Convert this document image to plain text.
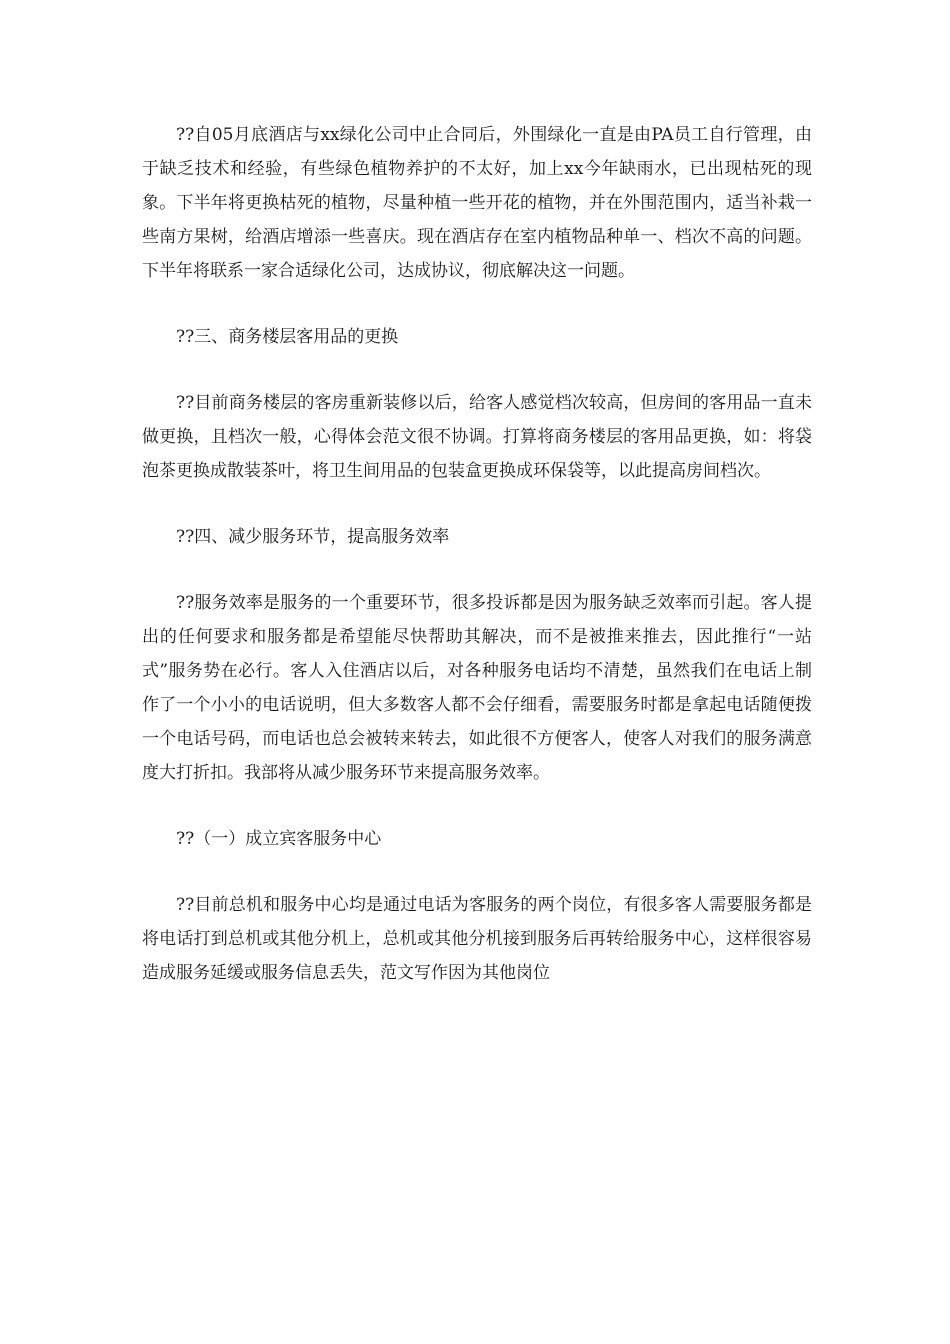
??自05月底酒店与xx绿化公司中止合同后，外围绿化一直是由PA员工自行管理，由于缺乏技术和经验，有些绿色植物养护的不太好，加上xx今年缺雨水，已出现枯死的现象。下半年将更换枯死的植物，尽量种植一些开花的植物，并在外围范围内，适当补栽一些南方果树，给酒店增添一些喜庆。现在酒店存在室内植物品种单一、档次不高的问题。下半年将联系一家合适绿化公司，达成协议，彻底解决这一问题。

??三、商务楼层客用品的更换

??目前商务楼层的客房重新装修以后，给客人感觉档次较高，但房间的客用品一直未做更换，且档次一般，心得体会范文很不协调。打算将商务楼层的客用品更换，如：将袋泡茶更换成散装茶叶，将卫生间用品的包装盒更换成环保袋等，以此提高房间档次。

??四、减少服务环节，提高服务效率

??服务效率是服务的一个重要环节，很多投诉都是因为服务缺乏效率而引起。客人提出的任何要求和服务都是希望能尽快帮助其解决，而不是被推来推去，因此推行“一站式”服务势在必行。客人入住酒店以后，对各种服务电话均不清楚，虽然我们在电话上制作了一个小小的电话说明，但大多数客人都不会仔细看，需要服务时都是拿起电话随便拨一个电话号码，而电话也总会被转来转去，如此很不方便客人，使客人对我们的服务满意度大打折扣。我部将从减少服务环节来提高服务效率。

??（一）成立宾客服务中心

??目前总机和服务中心均是通过电话为客服务的两个岗位，有很多客人需要服务都是将电话打到总机或其他分机上，总机或其他分机接到服务后再转给服务中心，这样很容易造成服务延缓或服务信息丢失，范文写作因为其他岗位
